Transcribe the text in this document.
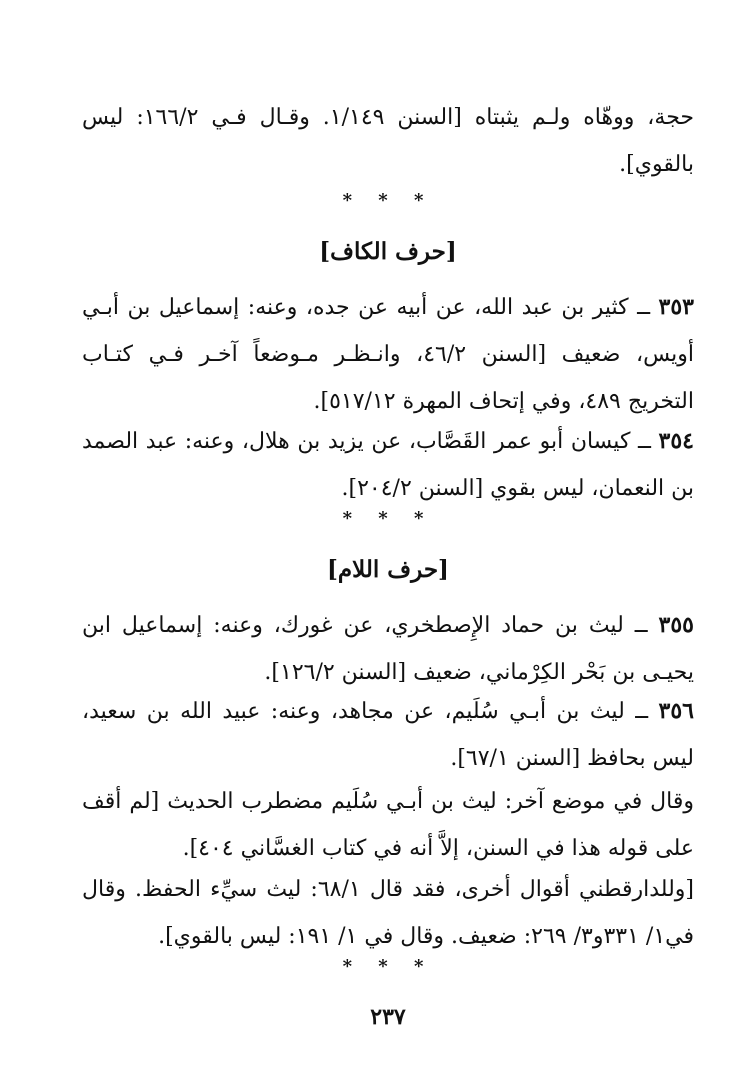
حجة، ووهّاه ولـم يثبتاه [السنن ١/١٤٩. وقـال فـي ١٦٦/٢: ليس بالقوي].

* * *
[حرف الكاف]

٣٥٣ ــ كثير بن عبد الله، عن أبيه عن جده، وعنه: إسماعيل بن أبـي أويس، ضعيف [السنن ٤٦/٢، وانـظـر مـوضعاً آخـر فـي كتـاب التخريج ٤٨٩، وفي إتحاف المهرة ٥١٧/١٢].

٣٥٤ ــ كيسان أبو عمر القَصَّاب، عن يزيد بن هلال، وعنه: عبد الصمد بن النعمان، ليس بقوي [السنن ٢٠٤/٢].

* * *
[حرف اللام]

٣٥٥ ــ ليث بن حماد الإِصطخري، عن غورك، وعنه: إسماعيل ابن يحيـى بن بَحْر الكِرْماني، ضعيف [السنن ١٢٦/٢].

٣٥٦ ــ ليث بن أبـي سُلَيم، عن مجاهد، وعنه: عبيد الله بن سعيد، ليس بحافظ [السنن ٦٧/١].

وقال في موضع آخر: ليث بن أبـي سُلَيم مضطرب الحديث [لم أقف على قوله هذا في السنن، إلاَّ أنه في كتاب الغسَّاني ٤٠٤].

[وللدارقطني أقوال أخرى، فقد قال ٦٨/١: ليث سيِّء الحفظ. وقال في١/ ٣٣١و٣/ ٢٦٩: ضعيف. وقال في ١/ ١٩١: ليس بالقوي].

* * *
٢٣٧
